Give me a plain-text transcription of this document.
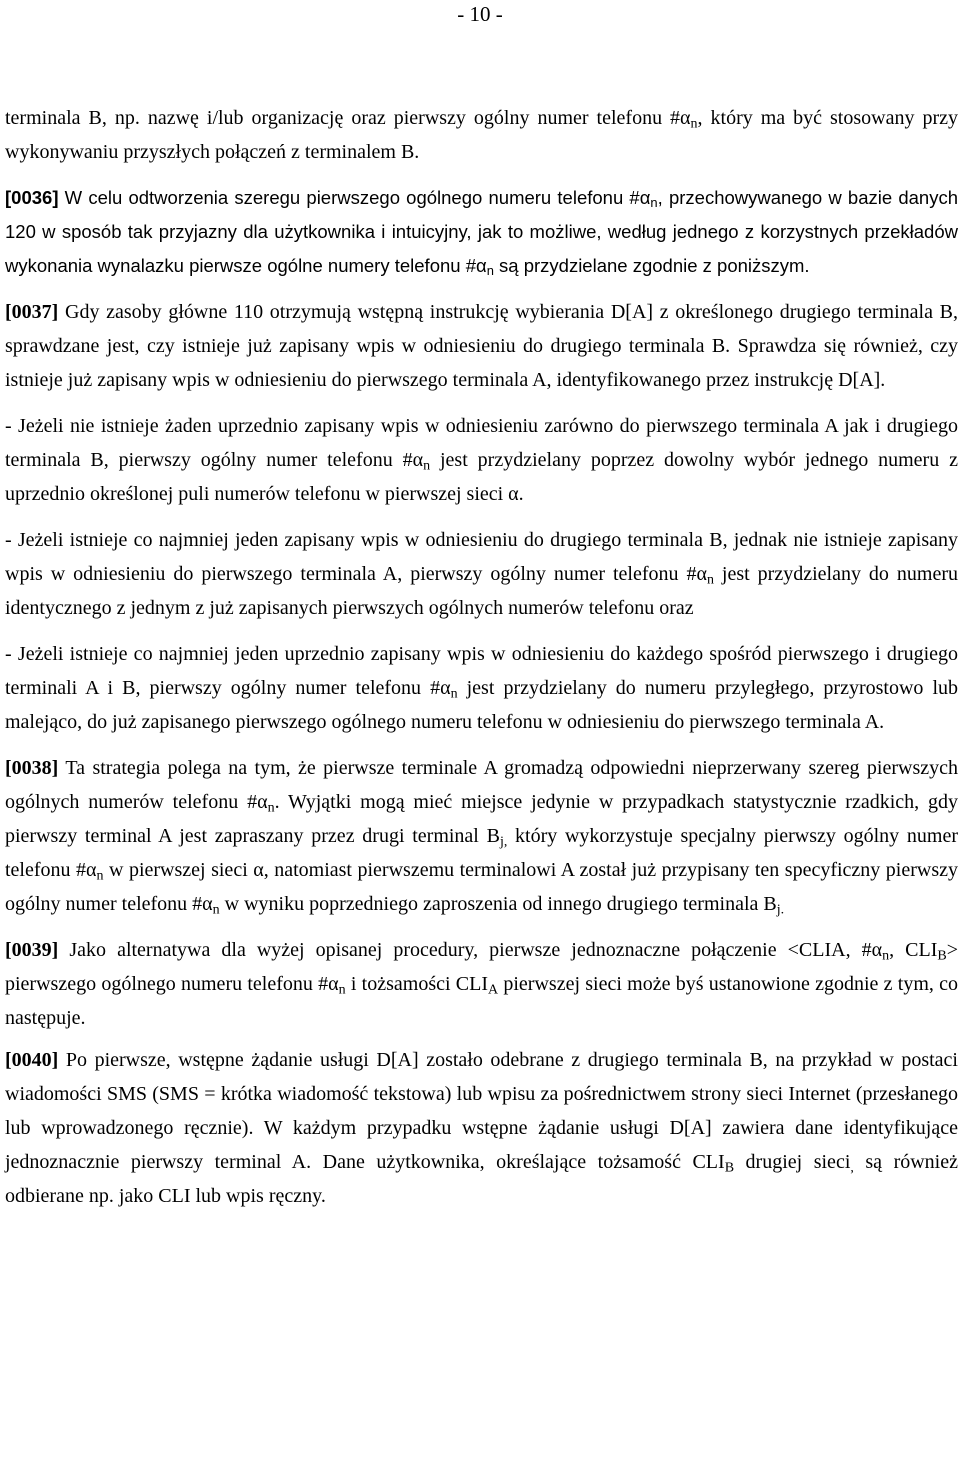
- 10 -

terminala B, np. nazwę i/lub organizację oraz pierwszy ogólny numer telefonu $\#\alpha_n$, który ma być stosowany przy wykonywaniu przyszłych połączeń z terminalem B.

[0036] W celu odtworzenia szeregu pierwszego ogólnego numeru telefonu $\#\alpha_n$, przechowywanego w bazie danych 120 w sposób tak przyjazny dla użytkownika i intuicyjny, jak to możliwe, według jednego z korzystnych przekładów wykonania wynalazku pierwsze ogólne numery telefonu $\#\alpha_n$ są przydzielane zgodnie z poniższym.

[0037] Gdy zasoby główne 110 otrzymują wstępną instrukcję wybierania D[A] z określonego drugiego terminala B, sprawdzane jest, czy istnieje już zapisany wpis w odniesieniu do drugiego terminala B. Sprawdza się również, czy istnieje już zapisany wpis w odniesieniu do pierwszego terminala A, identyfikowanego przez instrukcję D[A].

- Jeżeli nie istnieje żaden uprzednio zapisany wpis w odniesieniu zarówno do pierwszego terminala A jak i drugiego terminala B, pierwszy ogólny numer telefonu $\#\alpha_n$ jest przydzielany poprzez dowolny wybór jednego numeru z uprzednio określonej puli numerów telefonu w pierwszej sieci α.

- Jeżeli istnieje co najmniej jeden zapisany wpis w odniesieniu do drugiego terminala B, jednak nie istnieje zapisany wpis w odniesieniu do pierwszego terminala A, pierwszy ogólny numer telefonu $\#\alpha_n$ jest przydzielany do numeru identycznego z jednym z już zapisanych pierwszych ogólnych numerów telefonu oraz

- Jeżeli istnieje co najmniej jeden uprzednio zapisany wpis w odniesieniu do każdego spośród pierwszego i drugiego terminali A i B, pierwszy ogólny numer telefonu $\#\alpha_n$ jest przydzielany do numeru przyległego, przyrostowo lub malejąco, do już zapisanego pierwszego ogólnego numeru telefonu w odniesieniu do pierwszego terminala A.

[0038] Ta strategia polega na tym, że pierwsze terminale A gromadzą odpowiedni nieprzerwany szereg pierwszych ogólnych numerów telefonu $\#\alpha_n$. Wyjątki mogą mieć miejsce jedynie w przypadkach statystycznie rzadkich, gdy pierwszy terminal A jest zapraszany przez drugi terminal $B_{j,}$ który wykorzystuje specjalny pierwszy ogólny numer telefonu $\#\alpha_n$ w pierwszej sieci α, natomiast pierwszemu terminalowi A został już przypisany ten specyficzny pierwszy ogólny numer telefonu $\#\alpha_n$ w wyniku poprzedniego zaproszenia od innego drugiego terminala $B_{j.}$

[0039] Jako alternatywa dla wyżej opisanej procedury, pierwsze jednoznaczne połączenie <CLIA, $\#\alpha_n$, $CLI_B>$ pierwszego ogólnego numeru telefonu $\#\alpha_n$ i tożsamości $CLI_A$ pierwszej sieci może byś ustanowione zgodnie z tym, co następuje.

[0040] Po pierwsze, wstępne żądanie usługi D[A] zostało odebrane z drugiego terminala B, na przykład w postaci wiadomości SMS (SMS = krótka wiadomość tekstowa) lub wpisu za pośrednictwem strony sieci Internet (przesłanego lub wprowadzonego ręcznie). W każdym przypadku wstępne żądanie usługi D[A] zawiera dane identyfikujące jednoznacznie pierwszy terminal A. Dane użytkownika, określające tożsamość $CLI_B$ drugiej sieci$_,$ są również odbierane np. jako CLI lub wpis ręczny.
